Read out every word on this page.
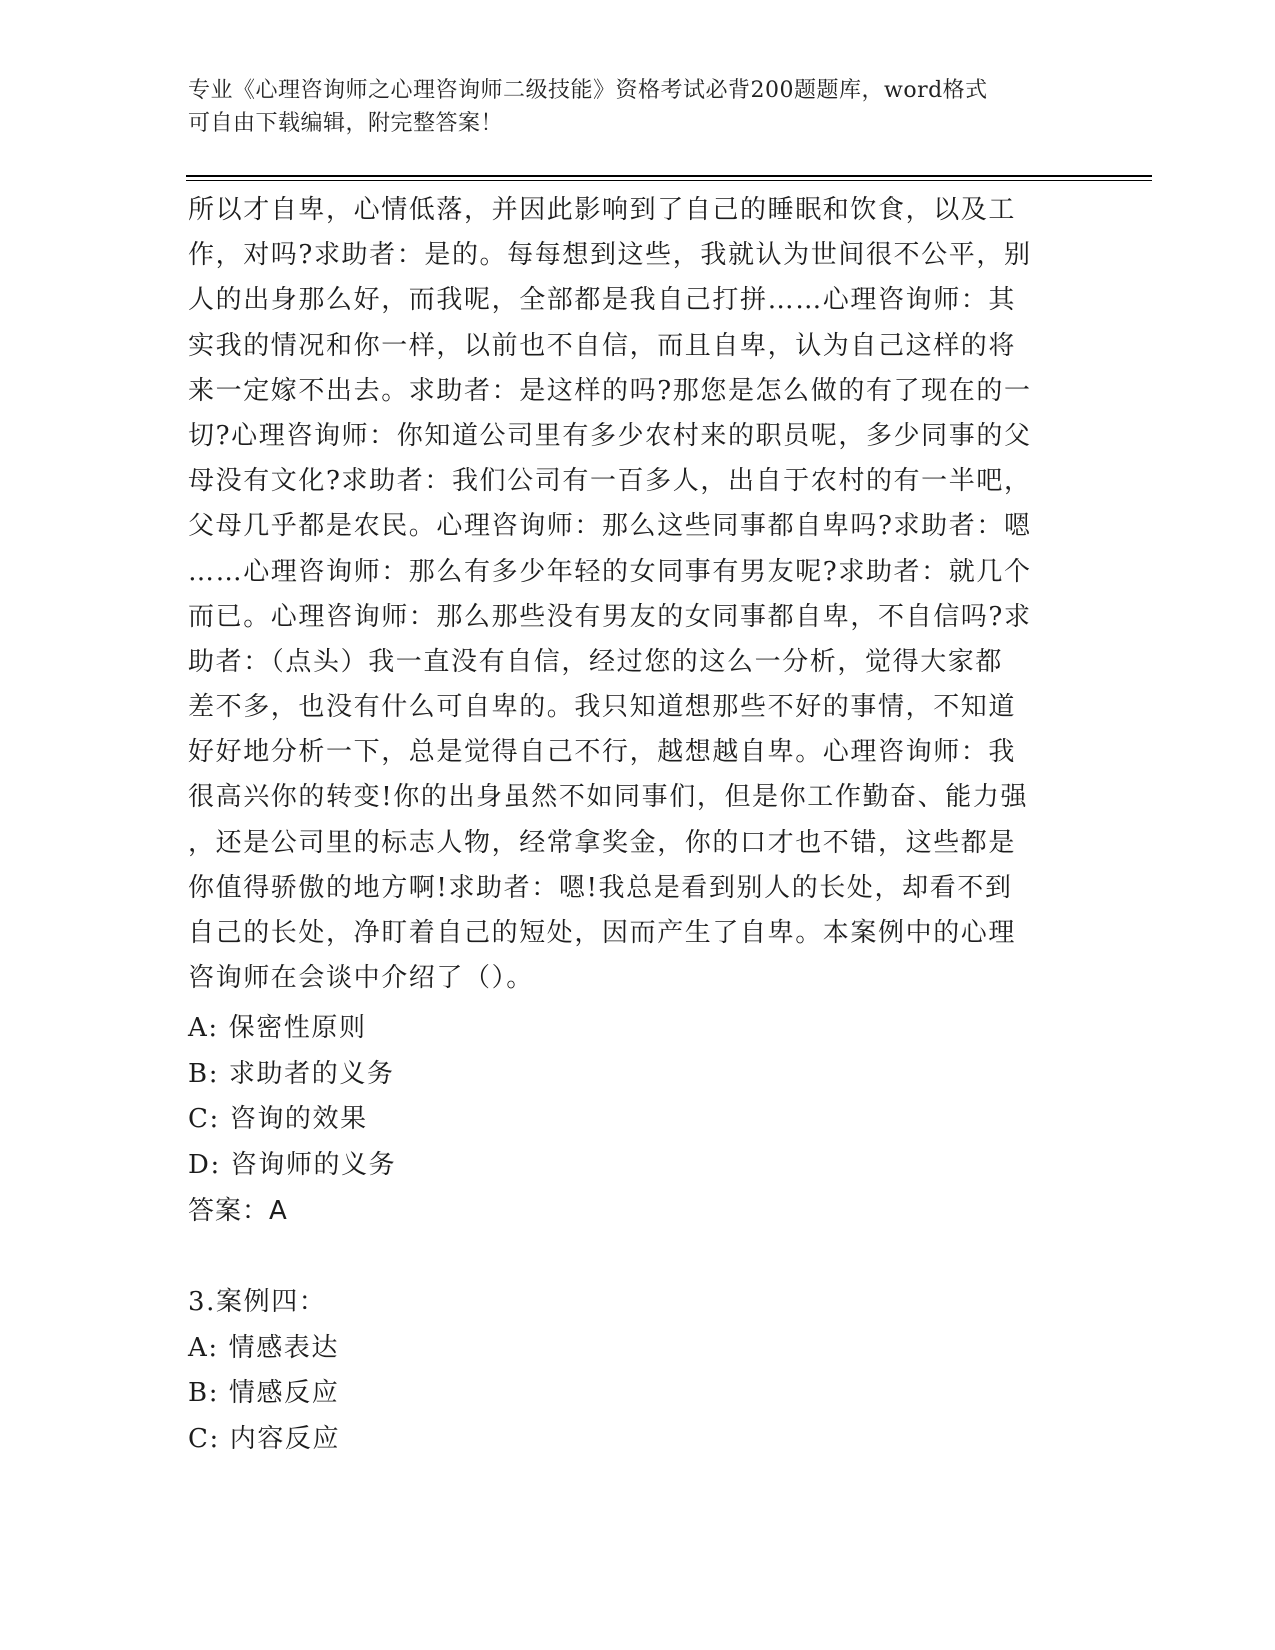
专业《心理咨询师之心理咨询师二级技能》资格考试必背200题题库，word格式
可自由下载编辑，附完整答案！
所以才自卑，心情低落，并因此影响到了自己的睡眠和饮食，以及工
作，对吗?求助者：是的。每每想到这些，我就认为世间很不公平，别
人的出身那么好，而我呢，全部都是我自己打拼……心理咨询师：其
实我的情况和你一样，以前也不自信，而且自卑，认为自己这样的将
来一定嫁不出去。求助者：是这样的吗?那您是怎么做的有了现在的一
切?心理咨询师：你知道公司里有多少农村来的职员呢，多少同事的父
母没有文化?求助者：我们公司有一百多人，出自于农村的有一半吧，
父母几乎都是农民。心理咨询师：那么这些同事都自卑吗?求助者：嗯
……心理咨询师：那么有多少年轻的女同事有男友呢?求助者：就几个
而已。心理咨询师：那么那些没有男友的女同事都自卑，不自信吗?求
助者：（点头）我一直没有自信，经过您的这么一分析，觉得大家都
差不多，也没有什么可自卑的。我只知道想那些不好的事情，不知道
好好地分析一下，总是觉得自己不行，越想越自卑。心理咨询师：我
很高兴你的转变!你的出身虽然不如同事们，但是你工作勤奋、能力强
，还是公司里的标志人物，经常拿奖金，你的口才也不错，这些都是
你值得骄傲的地方啊!求助者：嗯!我总是看到别人的长处，却看不到
自己的长处，净盯着自己的短处，因而产生了自卑。本案例中的心理
咨询师在会谈中介绍了（）。
A: 保密性原则
B: 求助者的义务
C: 咨询的效果
D: 咨询师的义务
答案：A
3.案例四：
A: 情感表达
B: 情感反应
C: 内容反应
